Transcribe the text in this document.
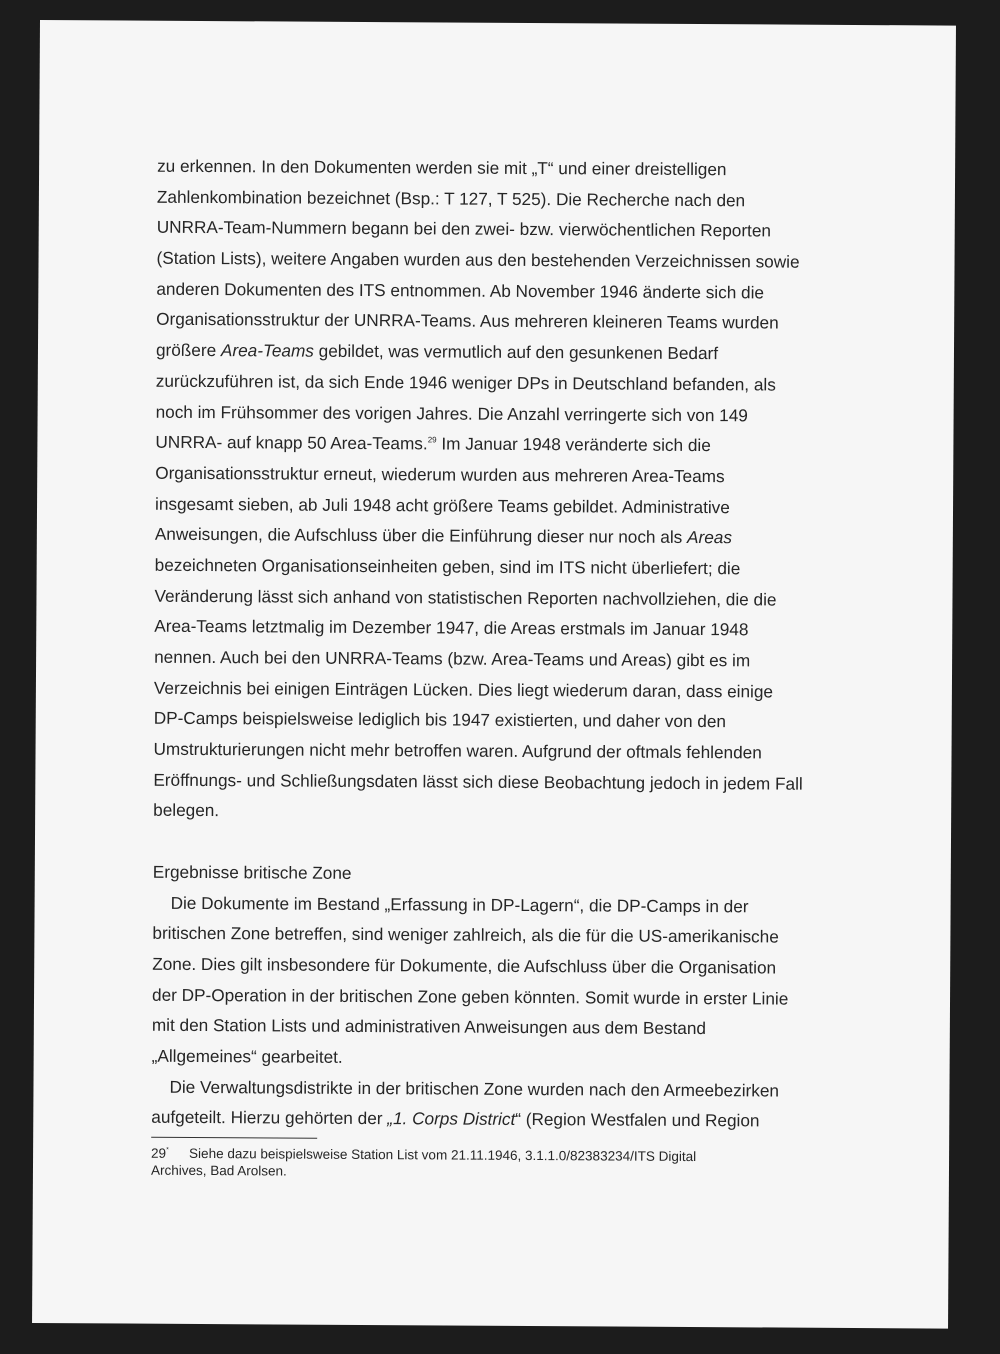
zu erkennen. In den Dokumenten werden sie mit „T“ und einer dreistelligen
Zahlenkombination bezeichnet (Bsp.: T 127, T 525). Die Recherche nach den
UNRRA-Team-Nummern begann bei den zwei- bzw. vierwöchentlichen Reporten
(Station Lists), weitere Angaben wurden aus den bestehenden Verzeichnissen sowie
anderen Dokumenten des ITS entnommen. Ab November 1946 änderte sich die
Organisationsstruktur der UNRRA-Teams. Aus mehreren kleineren Teams wurden
größere Area-Teams gebildet, was vermutlich auf den gesunkenen Bedarf
zurückzuführen ist, da sich Ende 1946 weniger DPs in Deutschland befanden, als
noch im Frühsommer des vorigen Jahres. Die Anzahl verringerte sich von 149
UNRRA- auf knapp 50 Area-Teams.$^{29}$ Im Januar 1948 veränderte sich die
Organisationsstruktur erneut, wiederum wurden aus mehreren Area-Teams
insgesamt sieben, ab Juli 1948 acht größere Teams gebildet. Administrative
Anweisungen, die Aufschluss über die Einführung dieser nur noch als Areas
bezeichneten Organisationseinheiten geben, sind im ITS nicht überliefert; die
Veränderung lässt sich anhand von statistischen Reporten nachvollziehen, die die
Area-Teams letztmalig im Dezember 1947, die Areas erstmals im Januar 1948
nennen. Auch bei den UNRRA-Teams (bzw. Area-Teams und Areas) gibt es im
Verzeichnis bei einigen Einträgen Lücken. Dies liegt wiederum daran, dass einige
DP-Camps beispielsweise lediglich bis 1947 existierten, und daher von den
Umstrukturierungen nicht mehr betroffen waren. Aufgrund der oftmals fehlenden
Eröffnungs- und Schließungsdaten lässt sich diese Beobachtung jedoch in jedem Fall
belegen.
Ergebnisse britische Zone
Die Dokumente im Bestand „Erfassung in DP-Lagern“, die DP-Camps in der
britischen Zone betreffen, sind weniger zahlreich, als die für die US-amerikanische
Zone. Dies gilt insbesondere für Dokumente, die Aufschluss über die Organisation
der DP-Operation in der britischen Zone geben könnten. Somit wurde in erster Linie
mit den Station Lists und administrativen Anweisungen aus dem Bestand
„Allgemeines“ gearbeitet.
Die Verwaltungsdistrikte in der britischen Zone wurden nach den Armeebezirken
aufgeteilt. Hierzu gehörten der „1. Corps District“ (Region Westfalen und Region
29* Siehe dazu beispielsweise Station List vom 21.11.1946, 3.1.1.0/82383234/ITS Digital
Archives, Bad Arolsen.
